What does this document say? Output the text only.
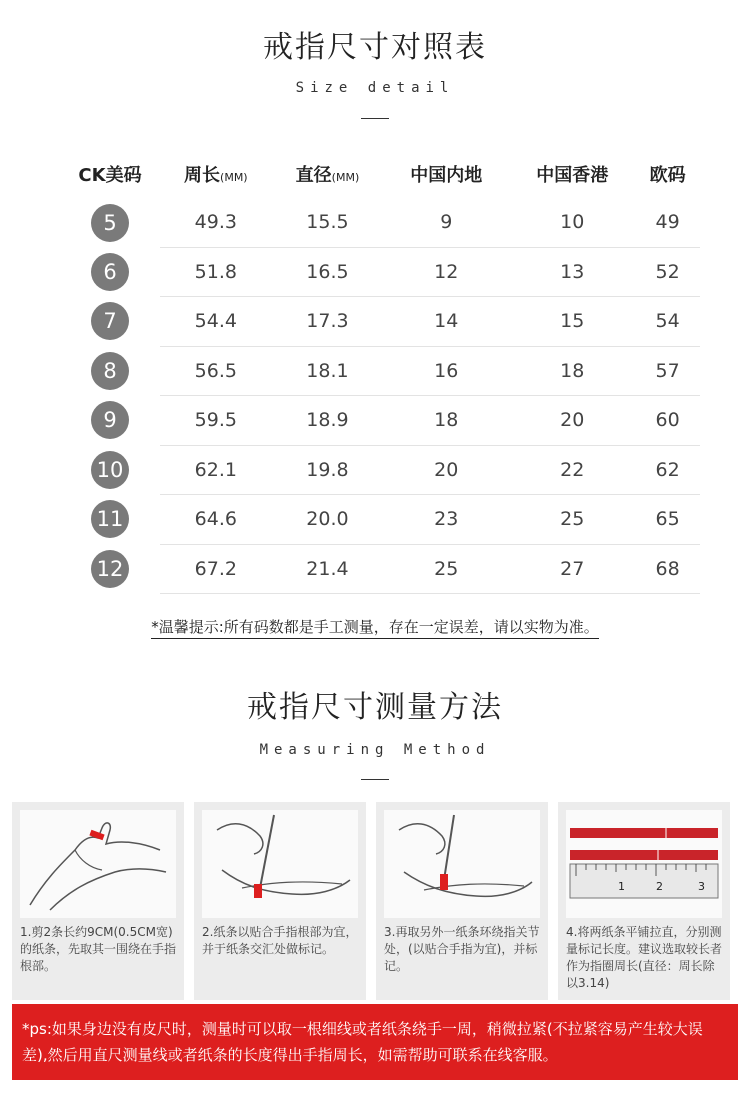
戒指尺寸对照表
Size detail
CK美码	周长(MM)	直径(MM)	中国内地	中国香港	欧码
5	49.3	15.5	9	10	49
6	51.8	16.5	12	13	52
7	54.4	17.3	14	15	54
8	56.5	18.1	16	18	57
9	59.5	18.9	18	20	60
10	62.1	19.8	20	22	62
11	64.6	20.0	23	25	65
12	67.2	21.4	25	27	68
*温馨提示:所有码数都是手工测量，存在一定误差，请以实物为准。
戒指尺寸测量方法
Measuring Method
1.剪2条长约9CM(0.5CM宽)的纸条，先取其一围绕在手指根部。
2.纸条以贴合手指根部为宜，并于纸条交汇处做标记。
3.再取另外一纸条环绕指关节处，(以贴合手指为宜)，并标记。
1	2	3
4.将两纸条平铺拉直，分别测量标记长度。建议选取较长者作为指圈周长(直径：周长除以3.14)
*ps:如果身边没有皮尺时，测量时可以取一根细线或者纸条绕手一周，稍微拉紧(不拉紧容易产生较大误差),然后用直尺测量线或者纸条的长度得出手指周长，如需帮助可联系在线客服。
